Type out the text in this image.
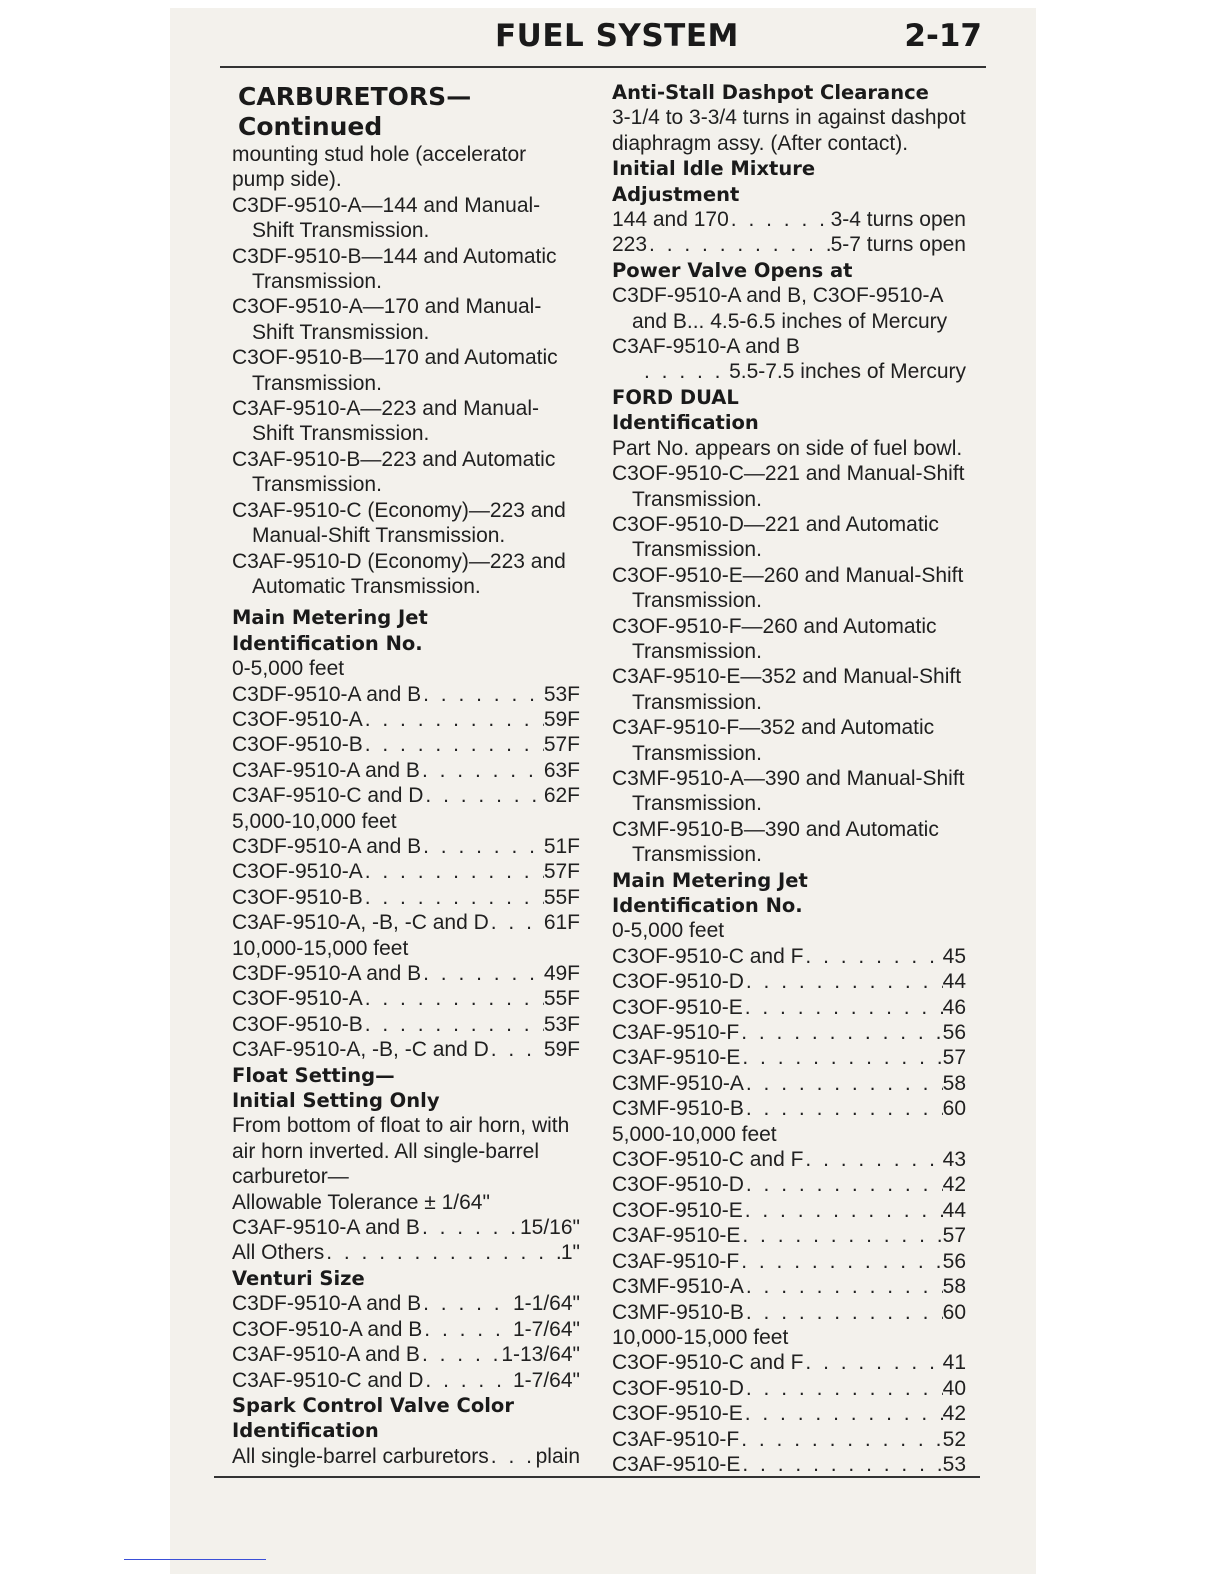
FUEL SYSTEM	2-17
CARBURETORS—
Continued
mounting stud hole (accelerator pump side).
C3DF-9510-A—144 and Manual-Shift Transmission.
C3DF-9510-B—144 and Automatic Transmission.
C3OF-9510-A—170 and Manual-Shift Transmission.
C3OF-9510-B—170 and Automatic Transmission.
C3AF-9510-A—223 and Manual-Shift Transmission.
C3AF-9510-B—223 and Automatic Transmission.
C3AF-9510-C (Economy)—223 and Manual-Shift Transmission.
C3AF-9510-D (Economy)—223 and Automatic Transmission.
Main Metering Jet
Identification No.
0-5,000 feet
C3DF-9510-A and B . . .	53F
C3OF-9510-A . . .	59F
C3OF-9510-B . . .	57F
C3AF-9510-A and B . . .	63F
C3AF-9510-C and D . . .	62F
5,000-10,000 feet
C3DF-9510-A and B . . .	51F
C3OF-9510-A . . .	57F
C3OF-9510-B . . .	55F
C3AF-9510-A, -B, -C and D . . .	61F
10,000-15,000 feet
C3DF-9510-A and B . . .	49F
C3OF-9510-A . . .	55F
C3OF-9510-B . . .	53F
C3AF-9510-A, -B, -C and D . . .	59F
Float Setting—
Initial Setting Only
From bottom of float to air horn, with air horn inverted. All single-barrel carburetor—
Allowable Tolerance ± 1/64"
C3AF-9510-A and B . . .	15/16"
All Others . . .	1"
Venturi Size
C3DF-9510-A and B . . .	1-1/64"
C3OF-9510-A and B . . .	1-7/64"
C3AF-9510-A and B . . .	1-13/64"
C3AF-9510-C and D . . .	1-7/64"
Spark Control Valve Color
Identification
All single-barrel carburetors . . . plain
Anti-Stall Dashpot Clearance
3-1/4 to 3-3/4 turns in against dashpot diaphragm assy. (After contact).
Initial Idle Mixture
Adjustment
144 and 170 . . .	3-4 turns open
223 . . .	5-7 turns open
Power Valve Opens at
C3DF-9510-A and B, C3OF-9510-A and B... 4.5-6.5 inches of Mercury
C3AF-9510-A and B
. . .
5.5-7.5 inches of Mercury
FORD DUAL
Identification
Part No. appears on side of fuel bowl.
C3OF-9510-C—221 and Manual-Shift Transmission.
C3OF-9510-D—221 and Automatic Transmission.
C3OF-9510-E—260 and Manual-Shift Transmission.
C3OF-9510-F—260 and Automatic Transmission.
C3AF-9510-E—352 and Manual-Shift Transmission.
C3AF-9510-F—352 and Automatic Transmission.
C3MF-9510-A—390 and Manual-Shift Transmission.
C3MF-9510-B—390 and Automatic Transmission.
Main Metering Jet
Identification No.
0-5,000 feet
C3OF-9510-C and F . . .	45
C3OF-9510-D . . .	44
C3OF-9510-E . . .	46
C3AF-9510-F . . .	56
C3AF-9510-E . . .	57
C3MF-9510-A . . .	58
C3MF-9510-B . . .	60
5,000-10,000 feet
C3OF-9510-C and F . . .	43
C3OF-9510-D . . .	42
C3OF-9510-E . . .	44
C3AF-9510-E . . .	57
C3AF-9510-F . . .	56
C3MF-9510-A . . .	58
C3MF-9510-B . . .	60
10,000-15,000 feet
C3OF-9510-C and F . . .	41
C3OF-9510-D . . .	40
C3OF-9510-E . . .	42
C3AF-9510-F . . .	52
C3AF-9510-E . . .	53
